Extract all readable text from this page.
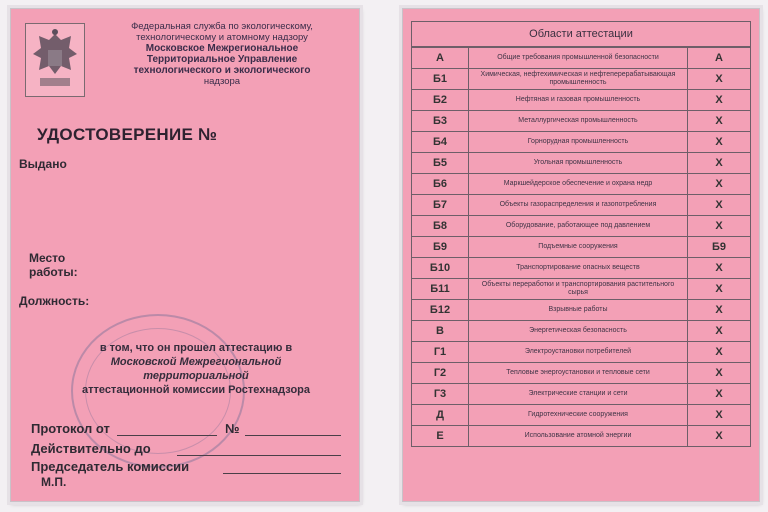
Федеральная служба по экологическому,
технологическому и атомному надзору
Московское Межрегиональное
Территориальное Управление
технологического и экологического
надзора
УДОСТОВЕРЕНИЕ №
Выдано
Место
работы:
Должность:
в том, что он прошел аттестацию в
Московской Межрегиональной
территориальной
аттестационной комиссии Ростехнадзора
Протокол от	№
Действительно до
Председатель комиссии
М.П.
Области аттестации
А	Общие требования промышленной безопасности	А
Б1	Химическая, нефтехимическая и нефтеперерабатывающая промышленность	Х
Б2	Нефтяная и газовая промышленность	Х
Б3	Металлургическая промышленность	Х
Б4	Горнорудная промышленность	Х
Б5	Угольная промышленность	Х
Б6	Маркшейдерское обеспечение и охрана недр	Х
Б7	Объекты газораспределения и газопотребления	Х
Б8	Оборудование, работающее под давлением	Х
Б9	Подъемные сооружения	Б9
Б10	Транспортирование опасных веществ	Х
Б11	Объекты переработки и транспортирования растительного сырья	Х
Б12	Взрывные работы	Х
В	Энергетическая безопасность	Х
Г1	Электроустановки потребителей	Х
Г2	Тепловые энергоустановки и тепловые сети	Х
Г3	Электрические станции и сети	Х
Д	Гидротехнические сооружения	Х
Е	Использование атомной энергии	Х
